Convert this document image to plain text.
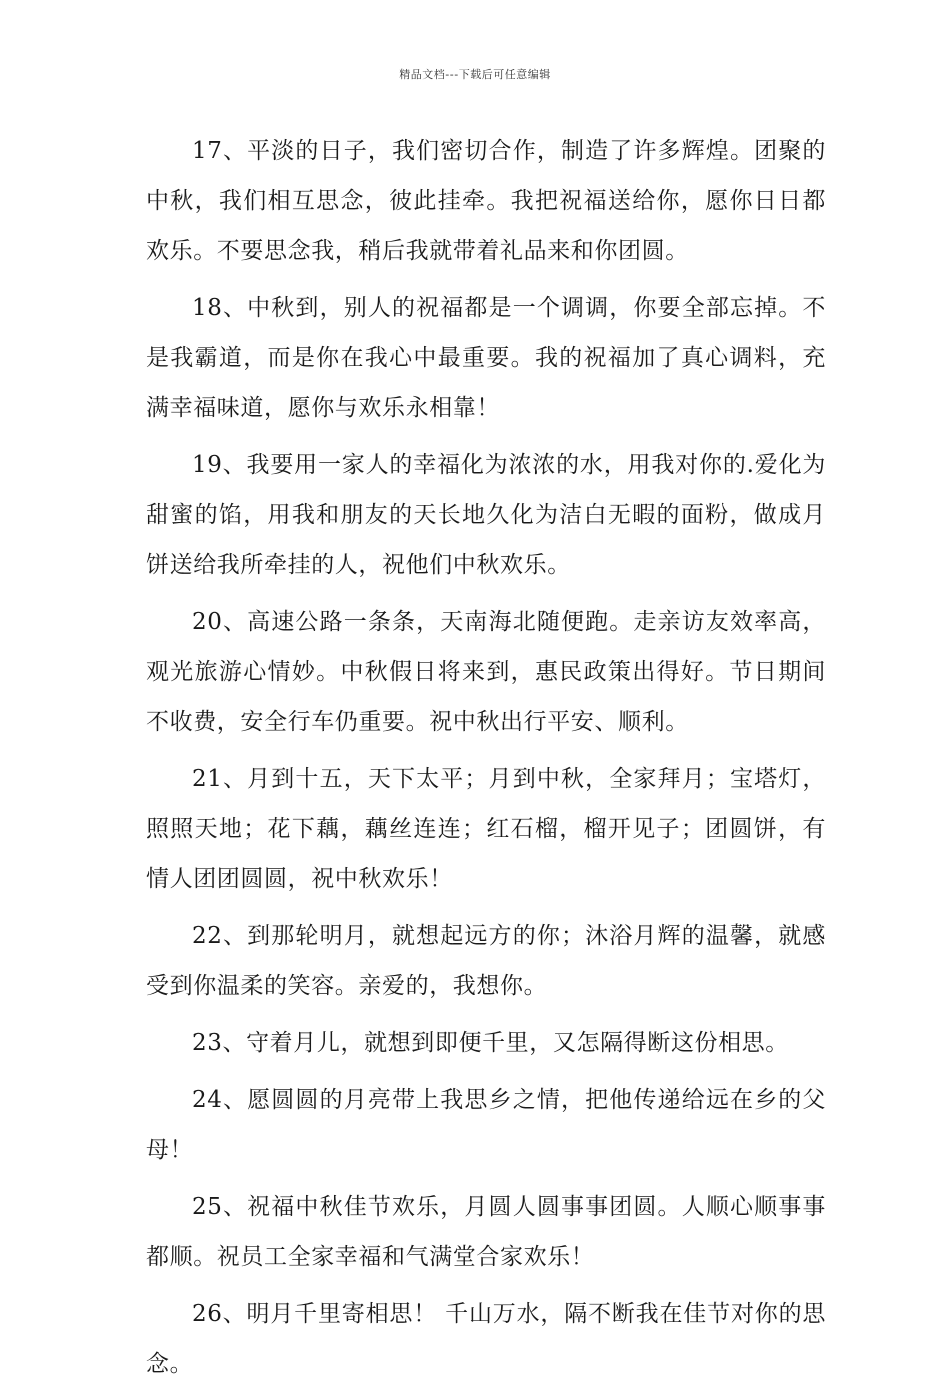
精品文档---下载后可任意编辑

17、平淡的日子，我们密切合作，制造了许多辉煌。团聚的中秋，我们相互思念，彼此挂牵。我把祝福送给你，愿你日日都欢乐。不要思念我，稍后我就带着礼品来和你团圆。

18、中秋到，别人的祝福都是一个调调，你要全部忘掉。不是我霸道，而是你在我心中最重要。我的祝福加了真心调料，充满幸福味道，愿你与欢乐永相靠！

19、我要用一家人的幸福化为浓浓的水，用我对你的.爱化为甜蜜的馅，用我和朋友的天长地久化为洁白无暇的面粉，做成月饼送给我所牵挂的人，祝他们中秋欢乐。

20、高速公路一条条，天南海北随便跑。走亲访友效率高，观光旅游心情妙。中秋假日将来到，惠民政策出得好。节日期间不收费，安全行车仍重要。祝中秋出行平安、顺利。

21、月到十五，天下太平；月到中秋，全家拜月；宝塔灯，照照天地；花下藕，藕丝连连；红石榴，榴开见子；团圆饼，有情人团团圆圆，祝中秋欢乐！

22、到那轮明月，就想起远方的你；沐浴月辉的温馨，就感受到你温柔的笑容。亲爱的，我想你。

23、守着月儿，就想到即便千里，又怎隔得断这份相思。

24、愿圆圆的月亮带上我思乡之情，把他传递给远在乡的父母！

25、祝福中秋佳节欢乐，月圆人圆事事团圆。人顺心顺事事都顺。祝员工全家幸福和气满堂合家欢乐！

26、明月千里寄相思！ 千山万水，隔不断我在佳节对你的思念。
